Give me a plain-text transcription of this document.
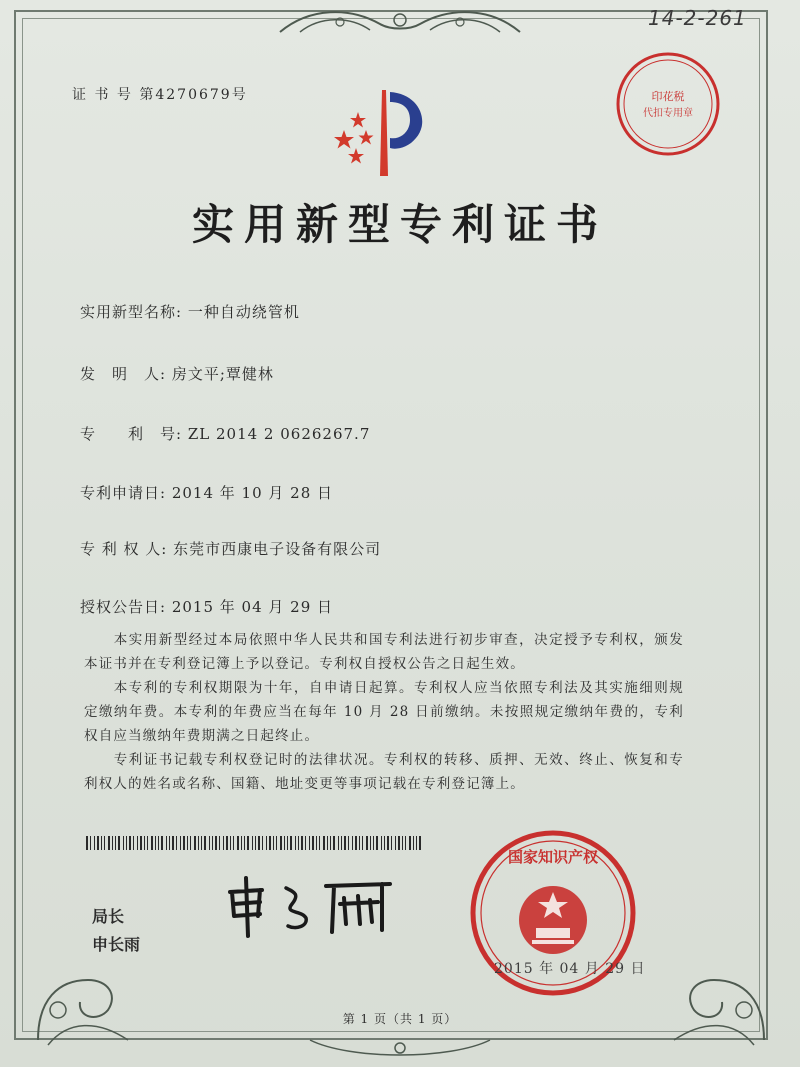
14-2-261
证 书 号 第4270679号	印花税
代扣专用章
实用新型专利证书
实用新型名称: 一种自动绕管机
发　明　人: 房文平;覃健林
专　　利　号: ZL 2014 2 0626267.7
专利申请日: 2014 年 10 月 28 日
专 利 权 人: 东莞市西康电子设备有限公司
授权公告日: 2015 年 04 月 29 日

本实用新型经过本局依照中华人民共和国专利法进行初步审查，决定授予专利权，颁发本证书并在专利登记簿上予以登记。专利权自授权公告之日起生效。

本专利的专利权期限为十年，自申请日起算。专利权人应当依照专利法及其实施细则规定缴纳年费。本专利的年费应当在每年 10 月 28 日前缴纳。未按照规定缴纳年费的，专利权自应当缴纳年费期满之日起终止。

专利证书记载专利权登记时的法律状况。专利权的转移、质押、无效、终止、恢复和专利权人的姓名或名称、国籍、地址变更等事项记载在专利登记簿上。

局长
申长雨
国家知识产权
2015 年 04 月 29 日
第 1 页（共 1 页）
